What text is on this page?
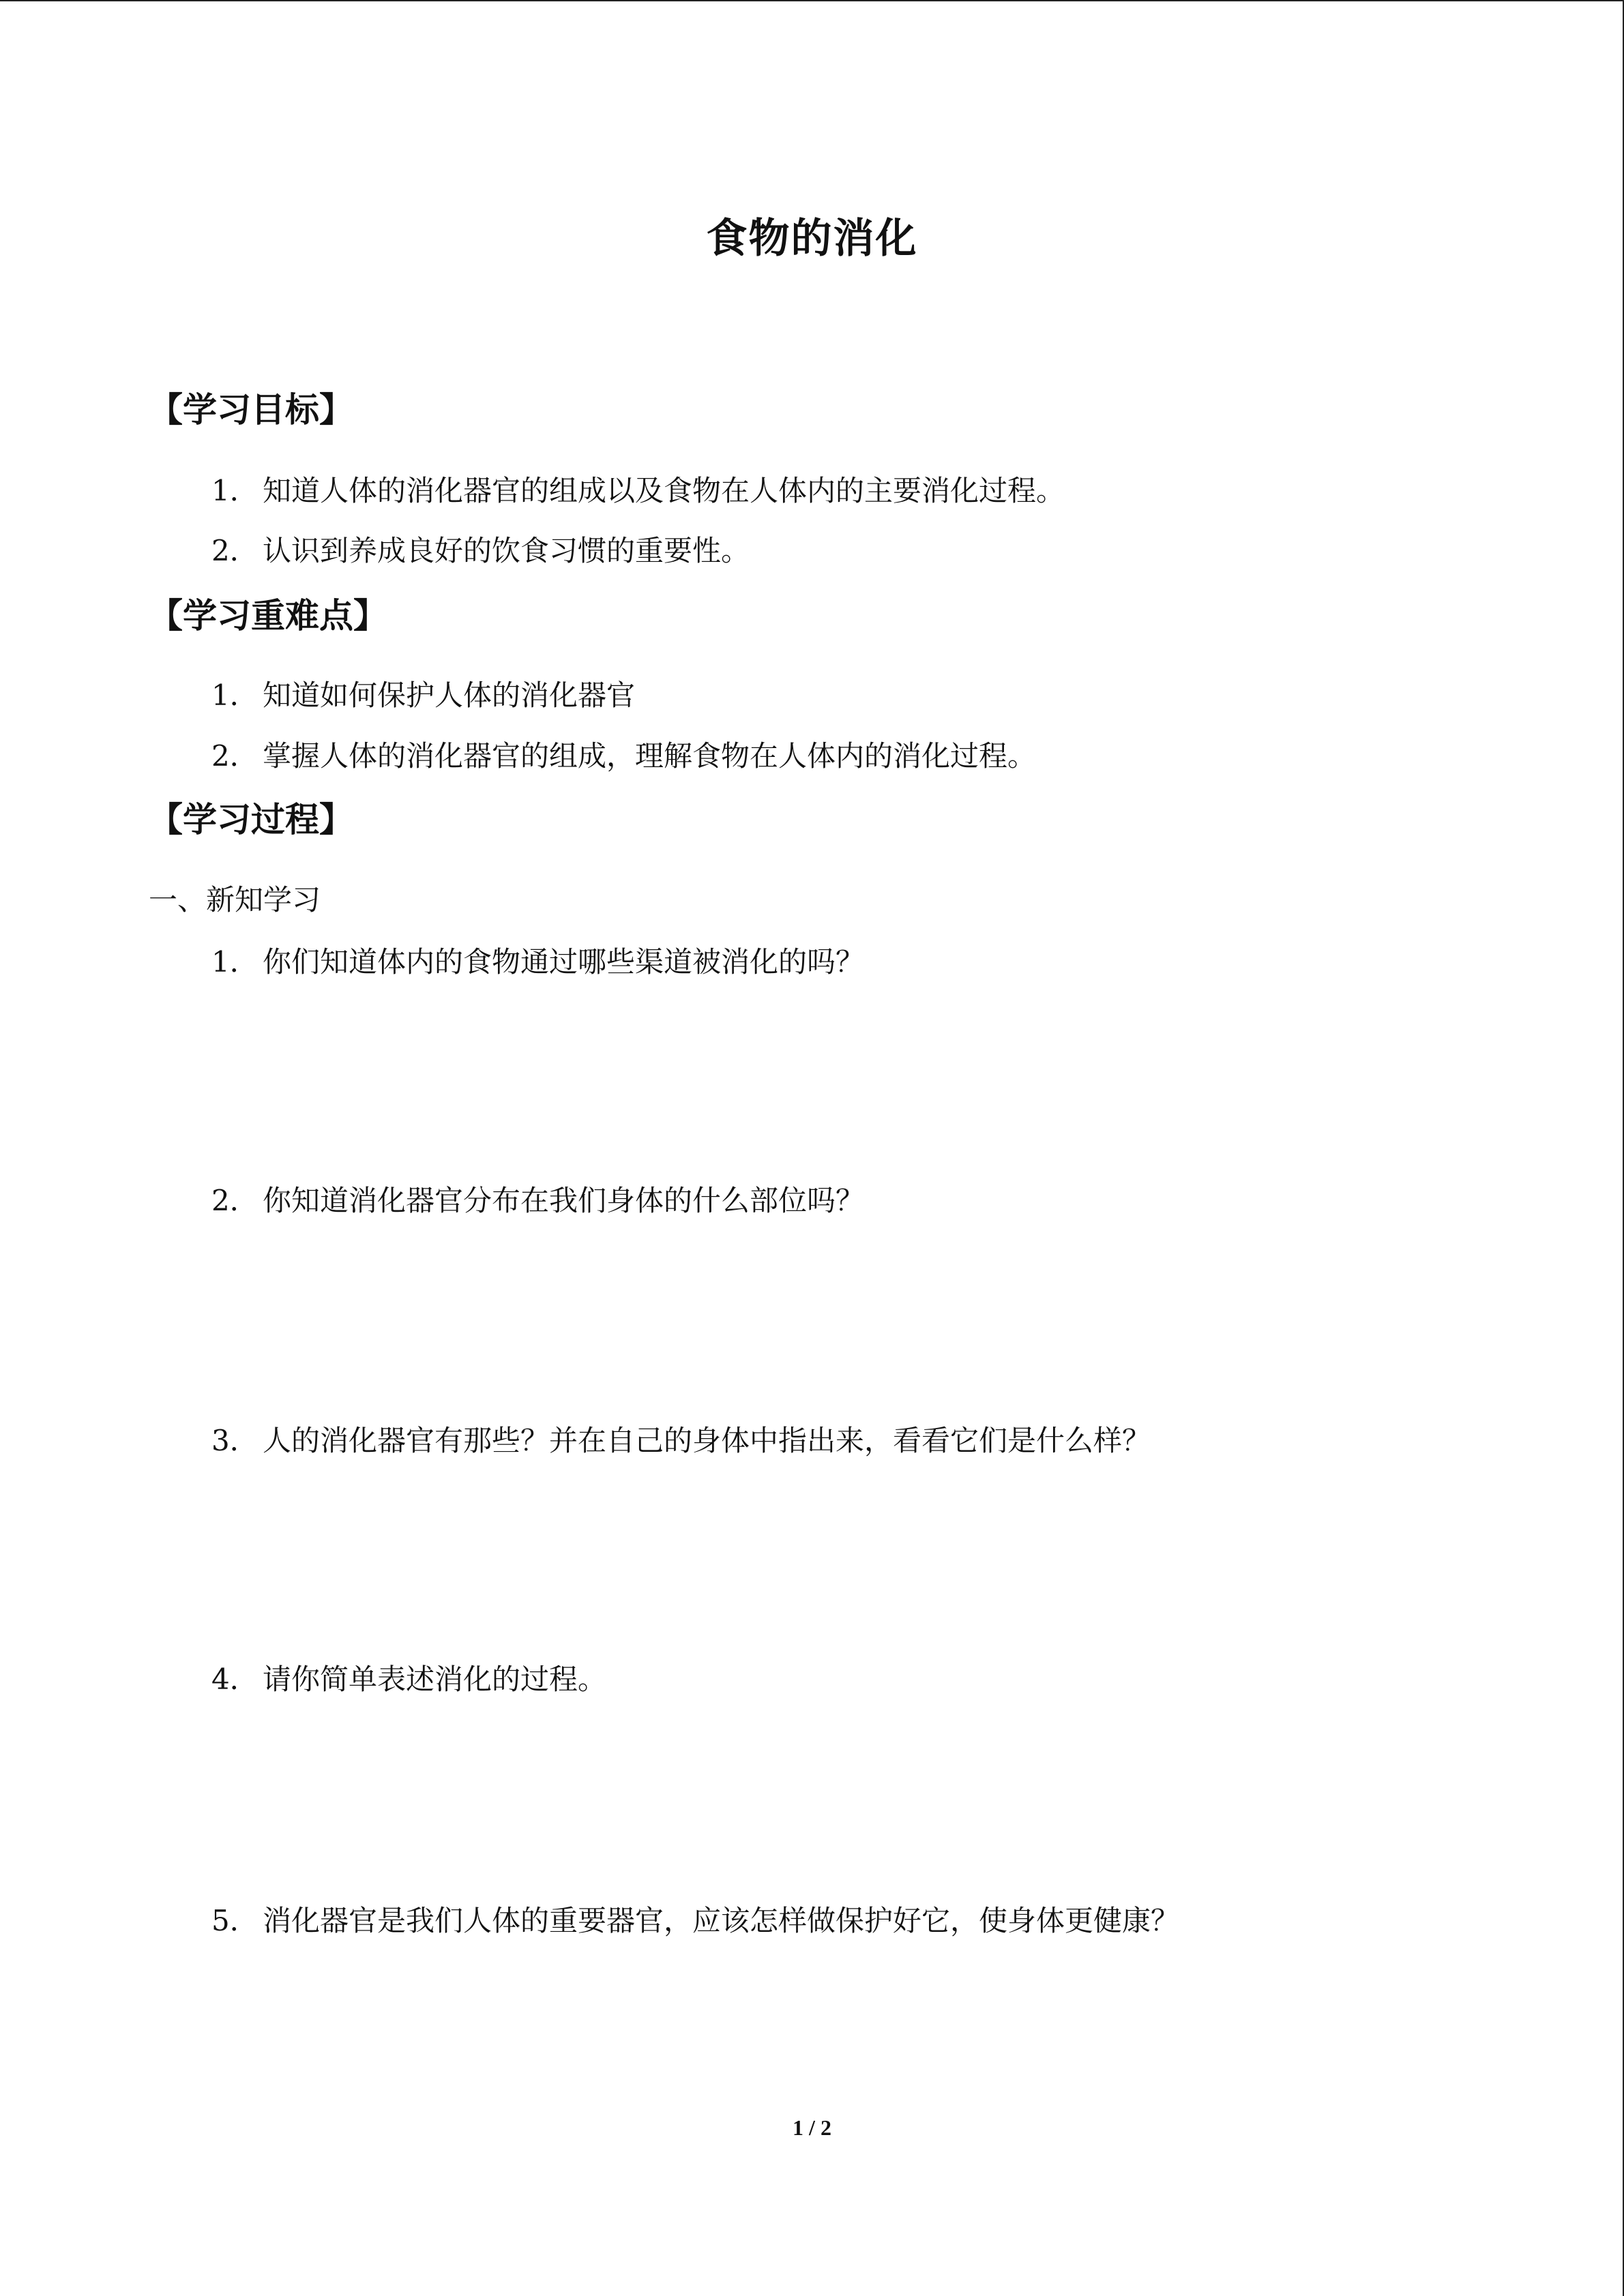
食物的消化
【学习目标】
1． 知道人体的消化器官的组成以及食物在人体内的主要消化过程。
2． 认识到养成良好的饮食习惯的重要性。
【学习重难点】
1． 知道如何保护人体的消化器官
2． 掌握人体的消化器官的组成，理解食物在人体内的消化过程。
【学习过程】
一、新知学习
1． 你们知道体内的食物通过哪些渠道被消化的吗？
2． 你知道消化器官分布在我们身体的什么部位吗？
3． 人的消化器官有那些？并在自己的身体中指出来，看看它们是什么样？
4． 请你简单表述消化的过程。
5． 消化器官是我们人体的重要器官，应该怎样做保护好它，使身体更健康？
1 / 2
